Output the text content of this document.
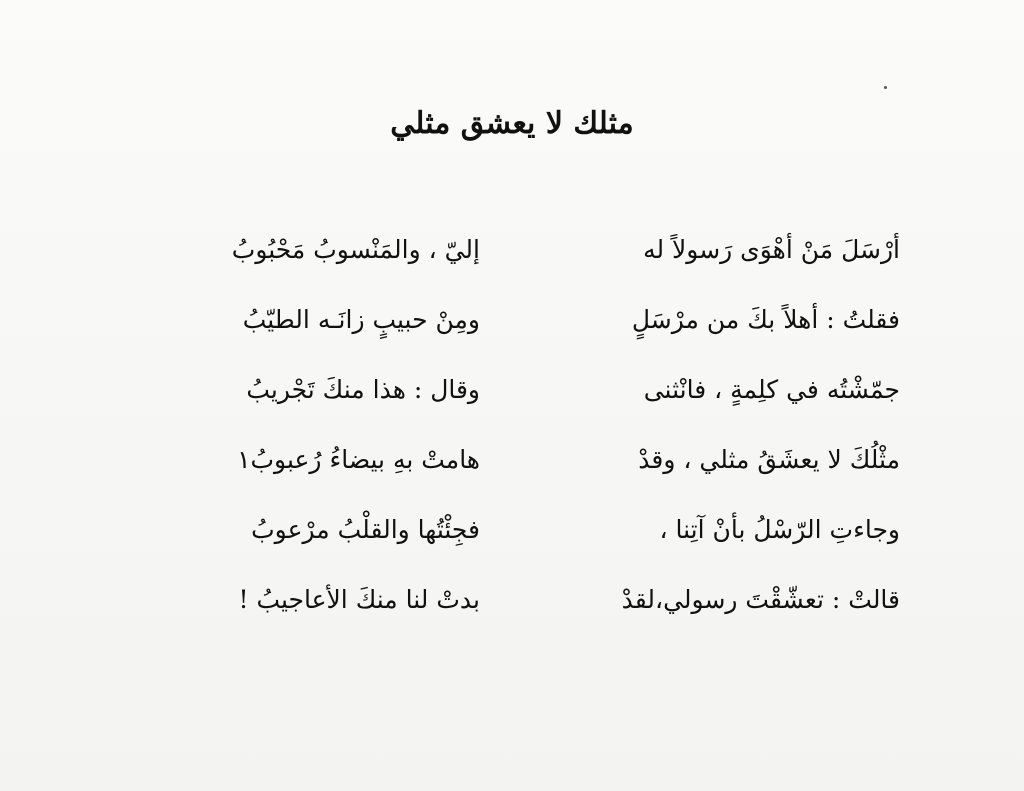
مثلك لا يعشق مثلي
أرْسَلَ مَنْ أهْوَى رَسولاً له
إليّ ، والمَنْسوبُ مَحْبُوبُ
فقلتُ : أهلاً بكَ من مرْسَلٍ
ومِنْ حبيبٍ زانَـه الطيّبُ
جمّشْتُه في كلِمةٍ ، فانْثنى
وقال : هذا منكَ تَجْريبُ
مثْلُكَ لا يعشَقُ مثلي ، وقدْ
هامتْ بهِ بيضاءُ رُعبوبُ١
وجاءتِ الرّسْلُ بأنْ آتِنا ،
فجِئْتُها والقلْبُ مرْعوبُ
قالتْ : تعشّقْتَ رسولي،لقدْ
بدتْ لنا منكَ الأعاجيبُ !
